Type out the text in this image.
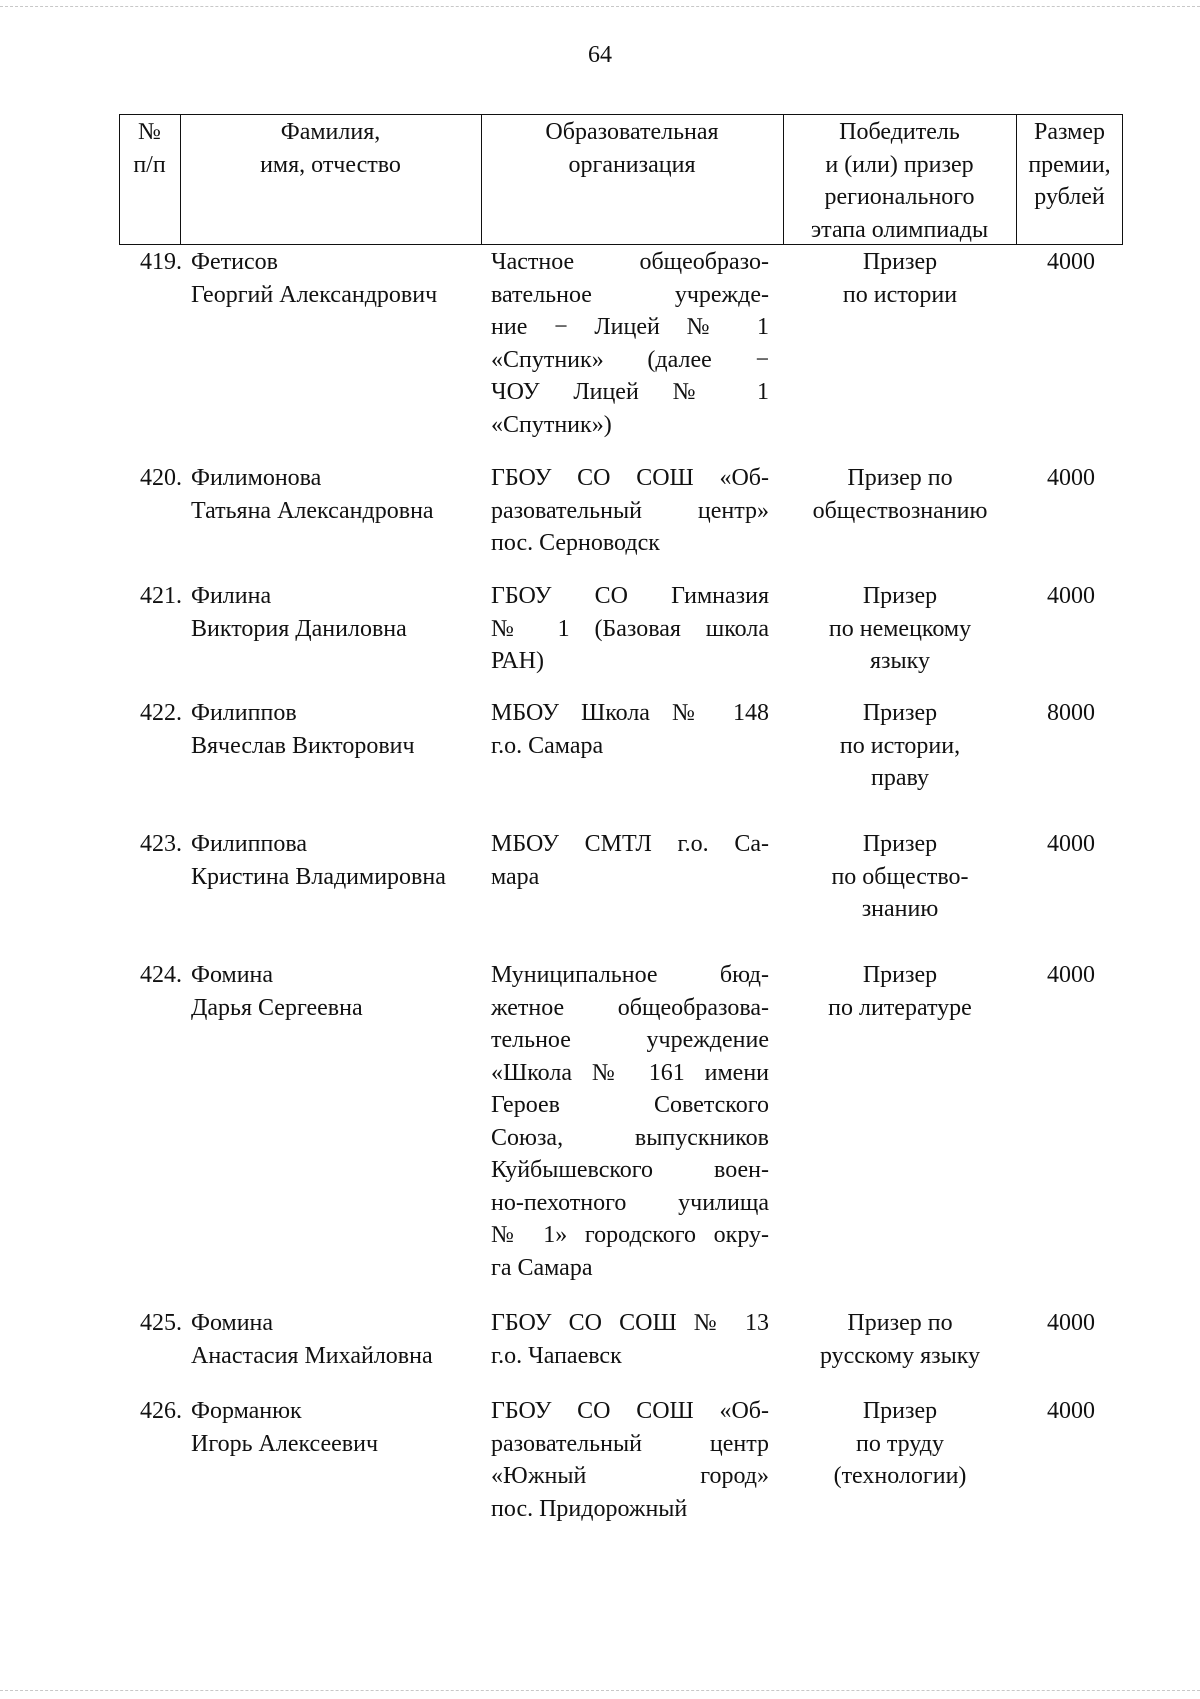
64
№
п/п
Фамилия,
имя, отчество
Образовательная
организация
Победитель
и (или) призер
регионального
этапа олимпиады
Размер
премии,
рублей
419. Фетисов
Георгий Александрович
Частное общеобразо-
вательное учрежде-
ние − Лицей № 1
«Спутник» (далее −
ЧОУ Лицей № 1
«Спутник»)
Призер
по истории
4000
420. Филимонова
Татьяна Александровна
ГБОУ СО СОШ «Об-
разовательный центр»
пос. Серноводск
Призер по
обществознанию
4000
421. Филина
Виктория Даниловна
ГБОУ СО Гимназия
№ 1 (Базовая школа
РАН)
Призер
по немецкому
языку
4000
422. Филиппов
Вячеслав Викторович
МБОУ Школа № 148
г.о. Самара
Призер
по истории,
праву
8000
423. Филиппова
Кристина Владимировна
МБОУ СМТЛ г.о. Са-
мара
Призер
по общество-
знанию
4000
424. Фомина
Дарья Сергеевна
Муниципальное бюд-
жетное общеобразова-
тельное учреждение
«Школа № 161 имени
Героев Советского
Союза, выпускников
Куйбышевского воен-
но-пехотного училища
№ 1» городского окру-
га Самара
Призер
по литературе
4000
425. Фомина
Анастасия Михайловна
ГБОУ СО СОШ № 13
г.о. Чапаевск
Призер по
русскому языку
4000
426. Форманюк
Игорь Алексеевич
ГБОУ СО СОШ «Об-
разовательный центр
«Южный город»
пос. Придорожный
Призер
по труду
(технологии)
4000
